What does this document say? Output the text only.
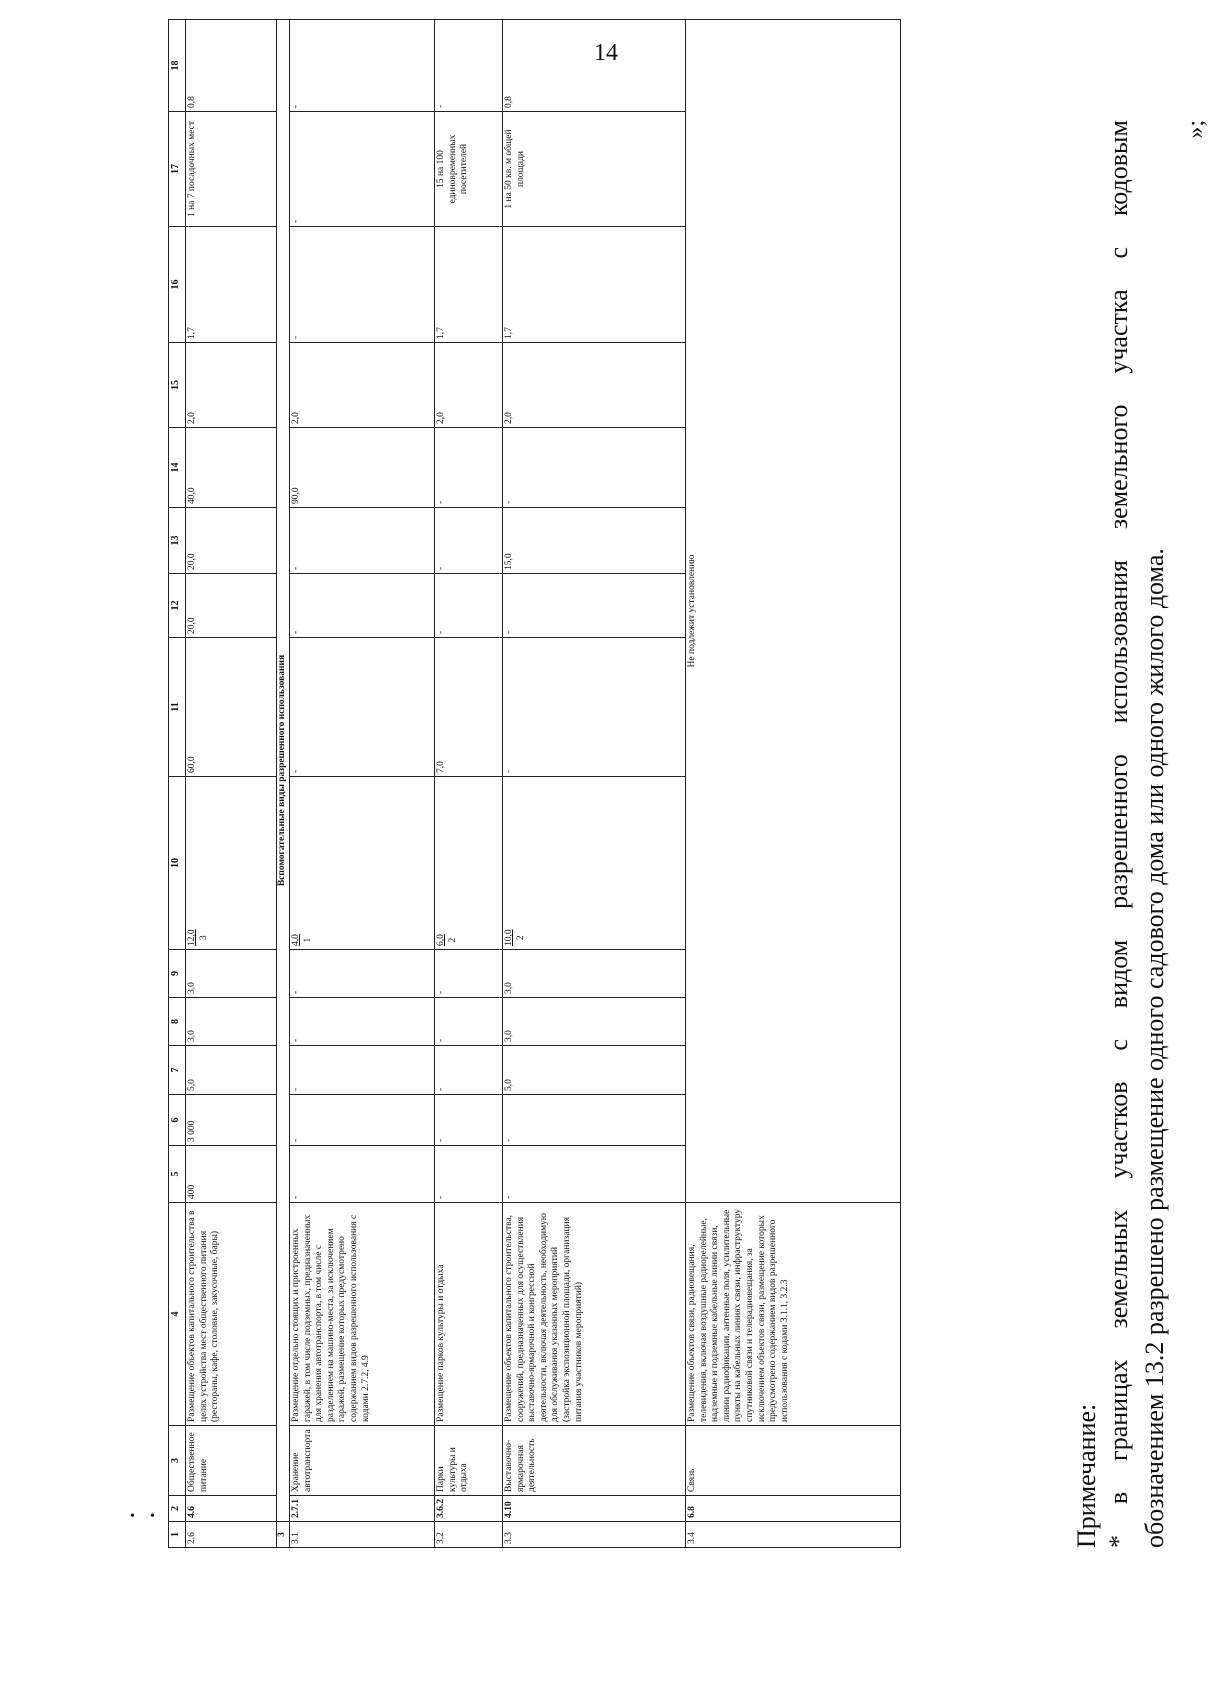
14
• •
1	2	3	4	5	6	7	8	9	10	11	12	13	14	15	16	17	18
2.6	4.6	Общественное питание	Размещение объектов капитального строительства в целях устройства мест общественного питания (рестораны, кафе, столовые, закусочные, бары)	400	3 000	5,0	3,0	3,0	12,0 3	60,0	20,0	20,0	40,0	2,0	1,7	1 на 7 посадочных мест	0,8
3	Вспомогательные виды разрешенного использования																
3.1	2.7.1	Хранение автотранспорта	Размещение отдельно стоящих и пристроенных гаражей, в том числе подземных, предназначенных для хранения автотранспорта, в том числе с разделением на машино-места, за исключением гаражей, размещение которых предусмотрено содержанием видов разрешенного использования с кодами 2.7.2, 4.9	-	-	-	-	-	4,0 1	-	-	-	90,0	2,0	-	-	-
3.2	3.6.2	Парки культуры и отдыха	Размещение парков культуры и отдыха	-	-	-	-	-	6,0 2	7,0	-	-	-	2,0	1,7	15 на 100 единовременных посетителей	-
3.3	4.10	Выставочно-ярмарочная деятельность	Размещение объектов капитального строительства, сооружений, предназначенных для осуществления выставочно-ярмарочной и конгрессной деятельности, включая деятельность, необходимую для обслуживания указанных мероприятий (застройка экспозиционной площади, организация питания участников мероприятий)	-	-	5,0	3,0	3,0	10,0 2	-	-	15,0	-	2,0	1,7	1 на 50 кв. м общей площади	0,8
3.4	6.8	Связь	Размещение объектов связи, радиовещания, телевидения, включая воздушные радиорелейные, надземные и подземные кабельные линии связи, линии радиофикации, антенные поля, усилительные пункты на кабельных линиях связи, инфраструктуру спутниковой связи и телерадиовещания, за исключением объектов связи, размещение которых предусмотрено содержанием видов разрешенного использования с кодами 3.1.1, 3.2.3	Не подлежит установлению													
Примечание: *
в
границах
земельных
участков
с
видом
разрешенного
использования
земельного
участка
с
кодовым
обозначением 13.2 разрешено размещение одного садового дома или одного жилого дома.
»;
